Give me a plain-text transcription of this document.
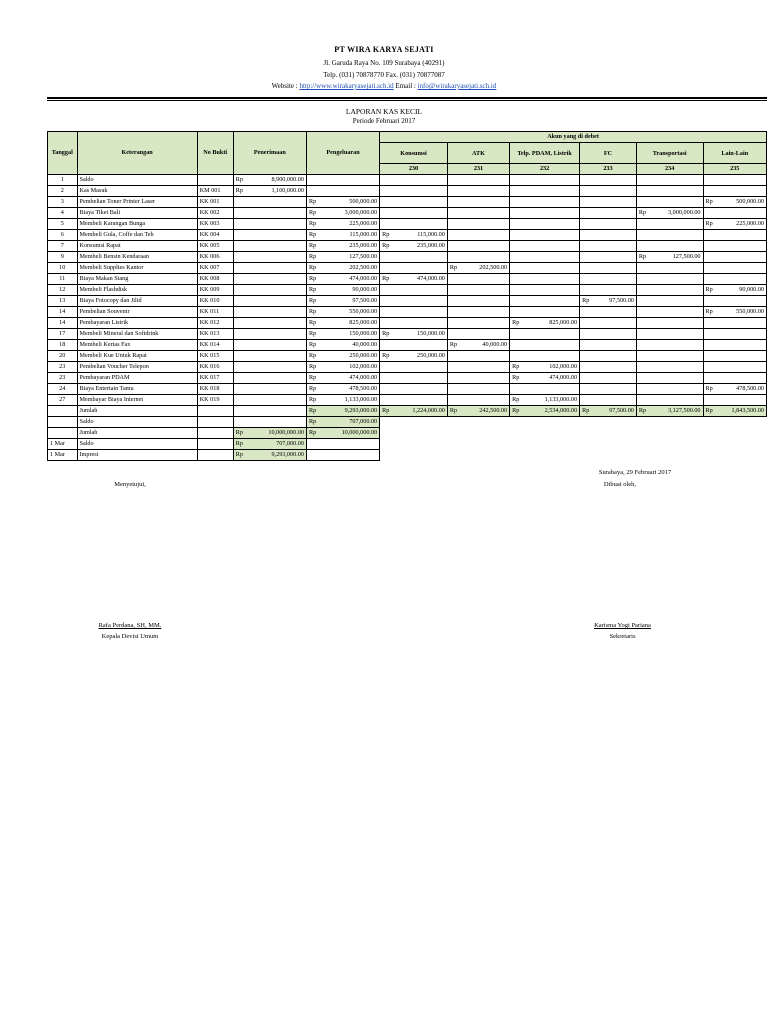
PT WIRA KARYA SEJATI
Jl. Garuda Raya No. 109 Surabaya (40291)
Telp. (031) 70878770 Fax. (031) 70877087
Website : http://www.wirakaryasejati.sch.id Email : info@wirakaryasejati.sch.id
LAPORAN KAS KECIL
Periode Februari 2017
Tanggal	Keterangan	No Bukti	Penerimaan	Pengeluaran	Akun yang di debet					
					Konsumsi	ATK	Telp. PDAM, Listrik	FC	Transportasi	Lain-Lain
					230	231	232	233	234	235
1	Saldo		Rp 8,900,000.00							

2	Kas Masuk	KM 001	Rp 1,100,000.00							

3	Pembelian Toner Printer Laser	KK 001		Rp 500,000.00						Rp 500,000.00

4	Biaya Tiket Bali	KK 002		Rp 3,000,000.00					Rp 3,000,000.00	

5	Membeli Karangan Bunga	KK 003		Rp 225,000.00						Rp 225,000.00

6	Membeli Gula, Coffe dan Teh	KK 004		Rp 115,000.00	Rp 115,000.00					

7	Konsumsi Rapat	KK 005		Rp 235,000.00	Rp 235,000.00					

9	Membeli Bensin Kendaraan	KK 006		Rp 127,500.00					Rp 127,500.00	

10	Membeli Supplies Kantor	KK 007		Rp 202,500.00		Rp 202,500.00				

11	Biaya Makan Siang	KK 008		Rp 474,000.00	Rp 474,000.00					

12	Membeli Flashdisk	KK 009		Rp 90,000.00						Rp 90,000.00

13	Biaya Fotocopy dan Jilid	KK 010		Rp 97,500.00				Rp 97,500.00		

14	Pembelian Souvenir	KK 011		Rp 550,000.00						Rp 550,000.00

14	Pembayaran Listrik	KK 012		Rp 825,000.00			Rp 825,000.00			

17	Membeli Mineral dan Softdrink	KK 013		Rp 150,000.00	Rp 150,000.00					

18	Membeli Kertas Fax	KK 014		Rp 40,000.00		Rp 40,000.00				

20	Membeli Kue Untuk Rapat	KK 015		Rp 250,000.00	Rp 250,000.00					

23	Pembelian Voucher Telepon	KK 016		Rp 102,000.00			Rp 102,000.00			

23	Pembayaran PDAM	KK 017		Rp 474,000.00			Rp 474,000.00			

24	Biaya Entertain Tamu	KK 018		Rp 478,500.00						Rp 478,500.00

27	Membayar Biaya Internet	KK 019		Rp 1,133,000.00			Rp 1,133,000.00			

	Jumlah			Rp 9,293,000.00	Rp 1,224,000.00	Rp 242,500.00	Rp 2,534,000.00	Rp 97,500.00	Rp 3,127,500.00	Rp 1,843,500.00

	Saldo			Rp 707,000.00						

	Jumlah		Rp 10,000,000.00	Rp 10,000,000.00						

1 Mar	Saldo		Rp 707,000.00							

1 Mar	Imprest		Rp 9,293,000.00							

Surabaya, 29 Februari 2017
Menyetujui,	Dibuat oleh,
Rafa Perdana, SH, MM.
Kepala Devisi Umum
Karisma Yogi Pariana
Sekretaris
